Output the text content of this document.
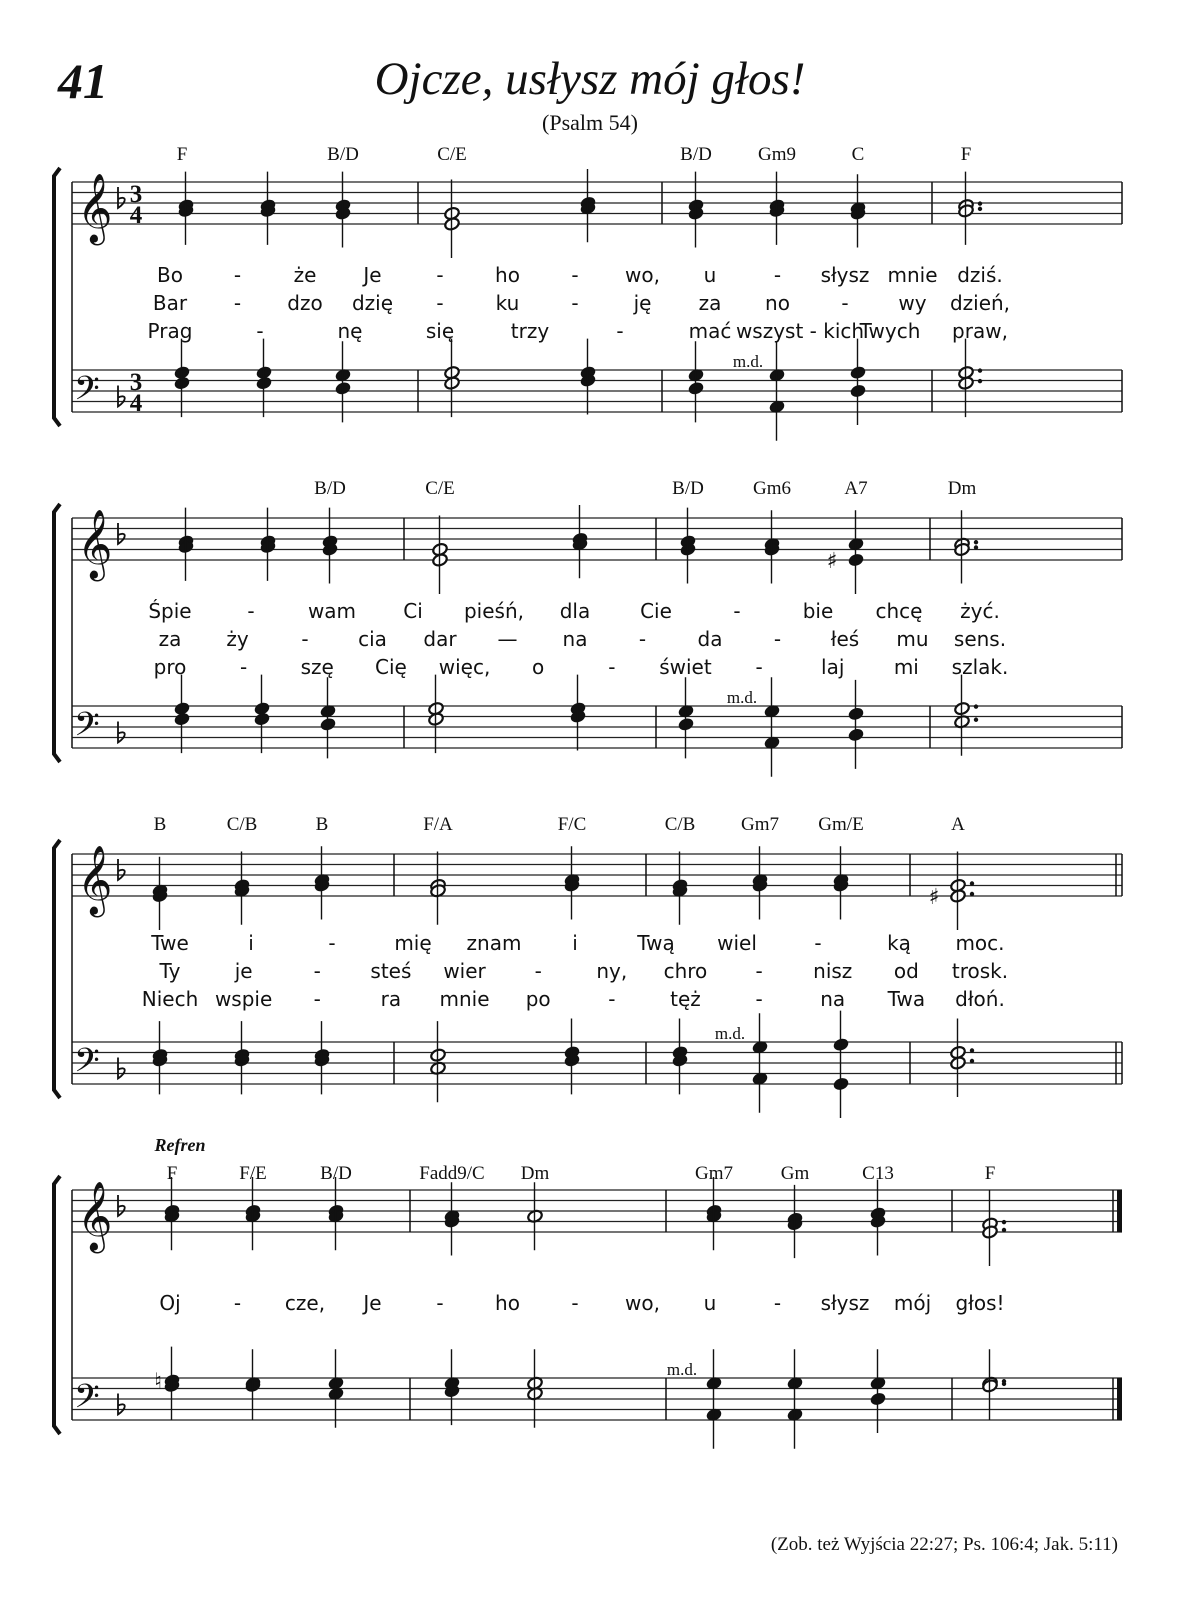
41	Ojcze, usłysz mój głos!
(Psalm 54)
𝄞
𝄢
3
4
3
4
F	B/D	C/E	B/D Gm9	C	F
m.d.
Bo	-	że Je	-	ho	- wo, u	- słysz mnie dziś.
Bar - dzo dzię -	ku	-	ję za no	- wy dzień,
Prag	-	nę	się	trzy	-	mać wszyst - kich
Twych praw,
𝄞
𝄢
B/D	C/E	B/D	Gm6	A7	Dm
♯
m.d.
Śpie	-	wam Ci pieśń, dla Cie	-	bie chcę żyć.
za ży	- cia dar — na	-	da	- łeś mu sens.
pro	-	szę Cię więc, o	- świet -	laj mi szlak.
𝄞
𝄢
B	C/B	B	F/A	F/C	C/B Gm7 Gm/E	A
♯
m.d.
Twe	i	-	mię znam	i	Twą wiel	-	ką moc.
Ty	je	- steś wier -	ny, chro -	nisz od trosk.
Niech wspie -	ra mnie po	-	tęż	-	na Twa dłoń.
𝄞
𝄢
F	F/E	B/D	Fadd9/C Dm	Gm7	Gm	C13	F
Refren
♮
m.d.
Oj	- cze, Je	-	ho	- wo, u	- słysz mój głos!
(Zob. też Wyjścia 22:27; Ps. 106:4; Jak. 5:11)
